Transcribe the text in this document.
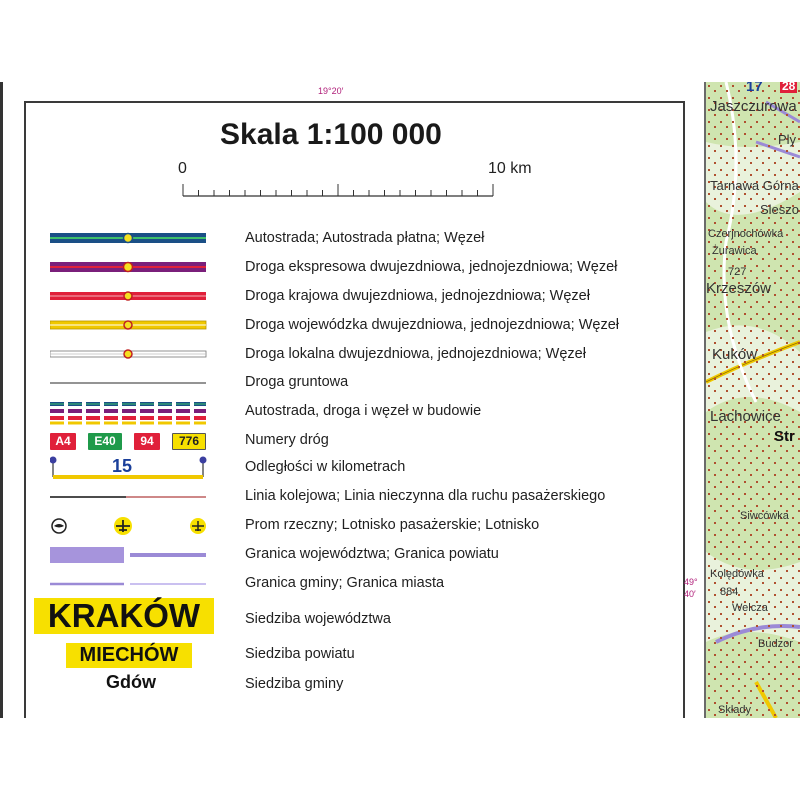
19°20′
Skala 1:100 000
0	10 km
Autostrada; Autostrada płatna; Węzeł
Droga ekspresowa dwujezdniowa, jednojezdniowa; Węzeł
Droga krajowa dwujezdniowa, jednojezdniowa; Węzeł
Droga wojewódzka dwujezdniowa, jednojezdniowa; Węzeł
Droga lokalna dwujezdniowa, jednojezdniowa; Węzeł
Droga gruntowa
Autostrada, droga i węzeł w budowie
A4	E40	94	776	Numery dróg
15	Odległości w kilometrach
Linia kolejowa; Linia nieczynna dla ruchu pasażerskiego
Prom rzeczny; Lotnisko pasażerskie; Lotnisko
Granica województwa; Granica powiatu
Granica gminy; Granica miasta
KRAKÓW	Siedziba województwa
MIECHÓW	Siedziba powiatu
Gdów	Siedziba gminy
17 28
Jaszczurowa
Ply
Tarnawa Górna
Sleszo
Czerjnochówka
Żurawica
727
Krzeszów
Kuków
Lachowice
Str
Siwcówka
Kolędówka
884
Welcza
Budzor
Składy
49°
40′
